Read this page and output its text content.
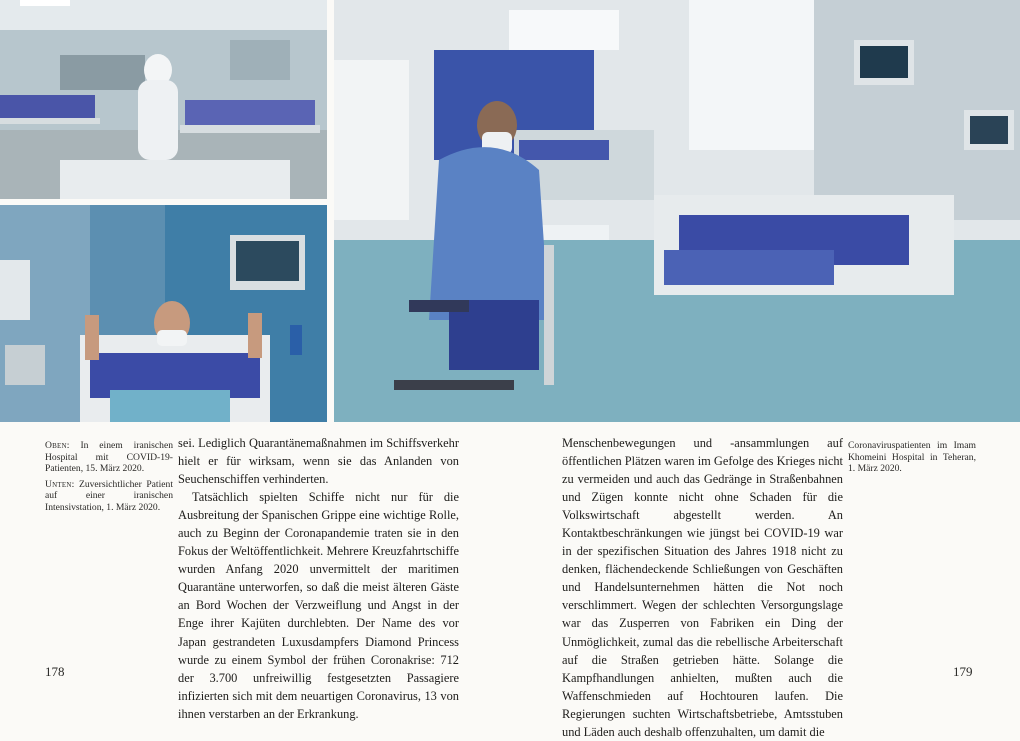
Oben: In einem iranischen Hospital mit COVID-19-Patienten, 15. März 2020.

Unten: Zuversichtlicher Patient auf einer iranischen Intensivstation, 1. März 2020.

sei. Lediglich Quarantänemaßnahmen im Schiffsverkehr hielt er für wirksam, wenn sie das Anlanden von Seuchenschiffen verhinderten.

Tatsächlich spielten Schiffe nicht nur für die Ausbreitung der Spanischen Grippe eine wichtige Rolle, auch zu Beginn der Coronapandemie traten sie in den Fokus der Weltöffentlichkeit. Mehrere Kreuzfahrtschiffe wurden Anfang 2020 unvermittelt der maritimen Quarantäne unterworfen, so daß die meist älteren Gäste an Bord Wochen der Verzweiflung und Angst in der Enge ihrer Kajüten durchlebten. Der Name des vor Japan gestrandeten Luxusdampfers Diamond Princess wurde zu einem Symbol der frühen Coronakrise: 712 der 3.700 unfreiwillig festgesetzten Passagiere infizierten sich mit dem neuartigen Coronavirus, 13 von ihnen verstarben an der Erkrankung.

Menschenbewegungen und -ansammlungen auf öffentlichen Plätzen waren im Gefolge des Krieges nicht zu vermeiden und auch das Gedränge in Straßenbahnen und Zügen konnte nicht ohne Schaden für die Volkswirtschaft abgestellt werden. An Kontaktbeschränkungen wie jüngst bei COVID-19 war in der spezifischen Situation des Jahres 1918 nicht zu denken, flächendeckende Schließungen von Geschäften und Handelsunternehmen hätten die Not noch verschlimmert. Wegen der schlechten Versorgungslage war das Zusperren von Fabriken ein Ding der Unmöglichkeit, zumal das die rebellische Arbeiterschaft auf die Straßen getrieben hätte. Solange die Kampfhandlungen anhielten, mußten auch die Waffenschmieden auf Hochtouren laufen. Die Regierungen suchten Wirtschaftsbetriebe, Amtsstuben und Läden auch deshalb offenzuhalten, um damit die

Coronaviruspatienten im Imam Khomeini Hospital in Teheran, 1. März 2020.

178	179
